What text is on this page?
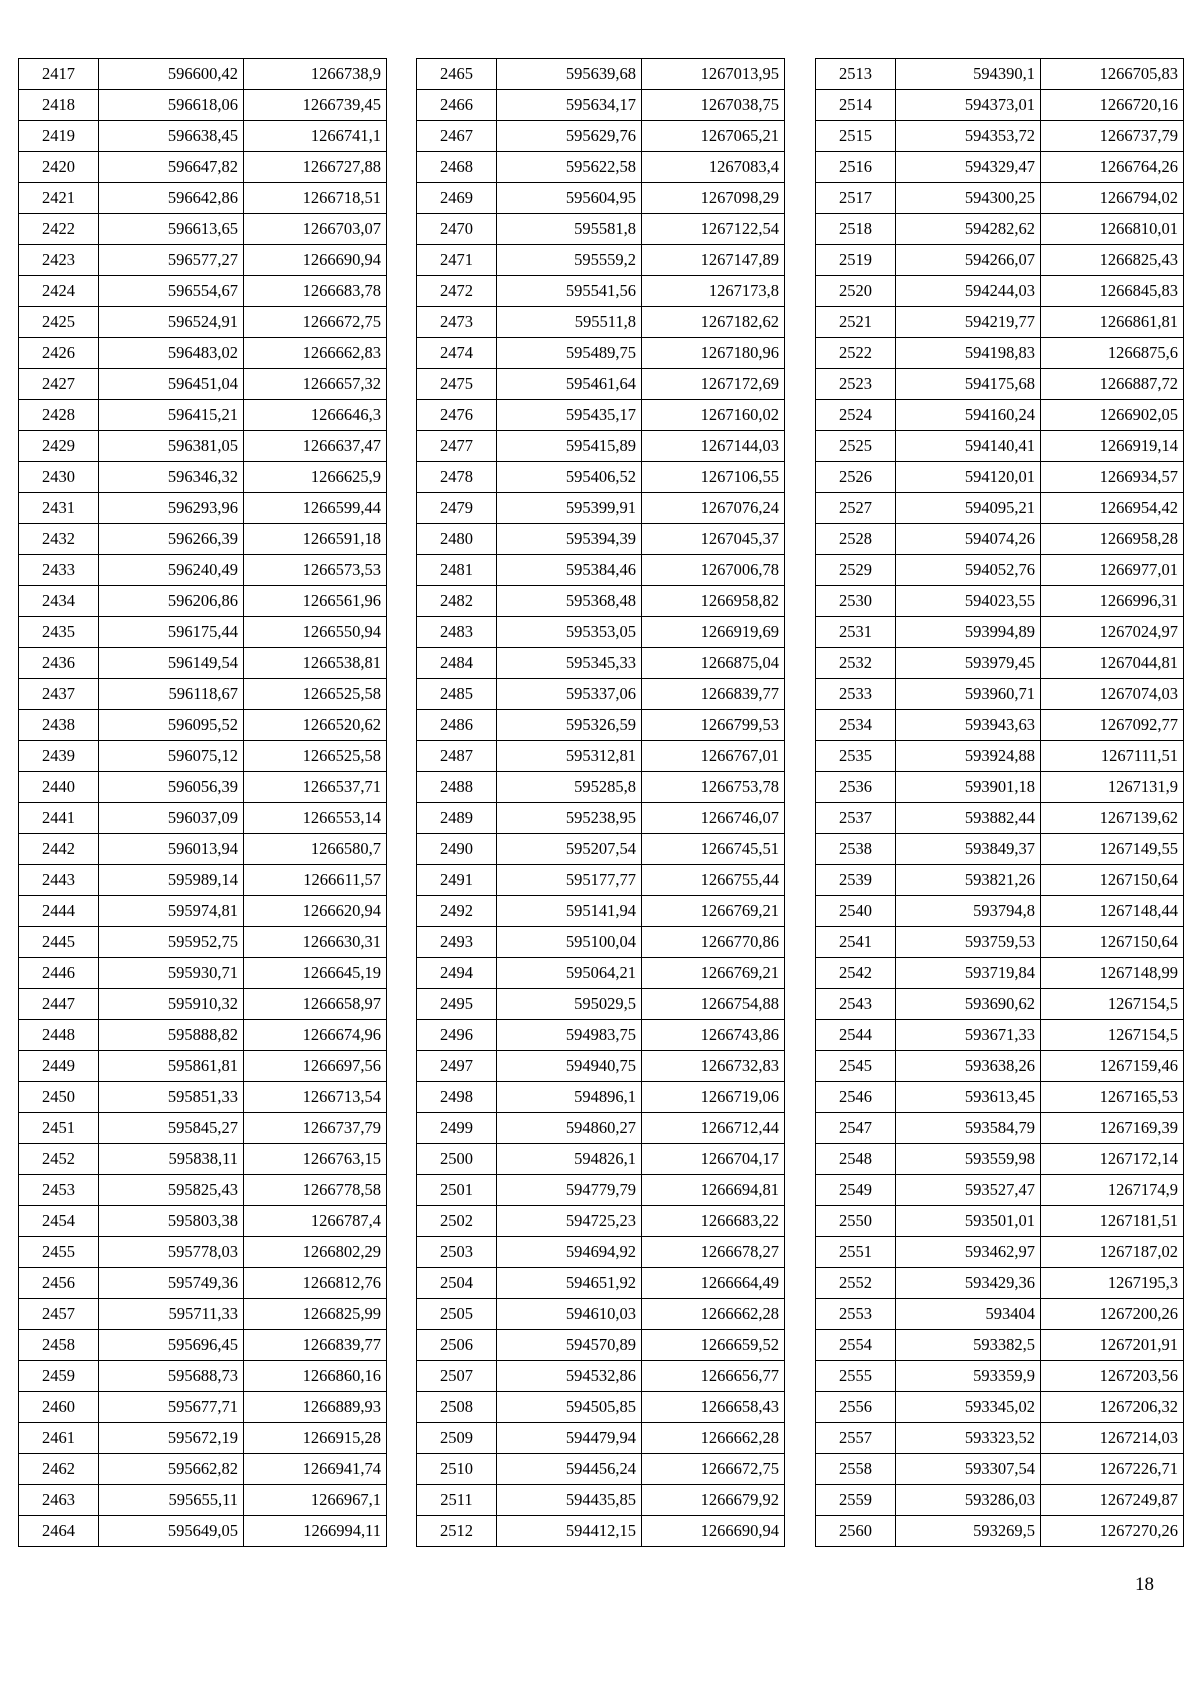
2417	596600,42	1266738,9
2418	596618,06	1266739,45
2419	596638,45	1266741,1
2420	596647,82	1266727,88
2421	596642,86	1266718,51
2422	596613,65	1266703,07
2423	596577,27	1266690,94
2424	596554,67	1266683,78
2425	596524,91	1266672,75
2426	596483,02	1266662,83
2427	596451,04	1266657,32
2428	596415,21	1266646,3
2429	596381,05	1266637,47
2430	596346,32	1266625,9
2431	596293,96	1266599,44
2432	596266,39	1266591,18
2433	596240,49	1266573,53
2434	596206,86	1266561,96
2435	596175,44	1266550,94
2436	596149,54	1266538,81
2437	596118,67	1266525,58
2438	596095,52	1266520,62
2439	596075,12	1266525,58
2440	596056,39	1266537,71
2441	596037,09	1266553,14
2442	596013,94	1266580,7
2443	595989,14	1266611,57
2444	595974,81	1266620,94
2445	595952,75	1266630,31
2446	595930,71	1266645,19
2447	595910,32	1266658,97
2448	595888,82	1266674,96
2449	595861,81	1266697,56
2450	595851,33	1266713,54
2451	595845,27	1266737,79
2452	595838,11	1266763,15
2453	595825,43	1266778,58
2454	595803,38	1266787,4
2455	595778,03	1266802,29
2456	595749,36	1266812,76
2457	595711,33	1266825,99
2458	595696,45	1266839,77
2459	595688,73	1266860,16
2460	595677,71	1266889,93
2461	595672,19	1266915,28
2462	595662,82	1266941,74
2463	595655,11	1266967,1
2464	595649,05	1266994,11
2465	595639,68	1267013,95
2466	595634,17	1267038,75
2467	595629,76	1267065,21
2468	595622,58	1267083,4
2469	595604,95	1267098,29
2470	595581,8	1267122,54
2471	595559,2	1267147,89
2472	595541,56	1267173,8
2473	595511,8	1267182,62
2474	595489,75	1267180,96
2475	595461,64	1267172,69
2476	595435,17	1267160,02
2477	595415,89	1267144,03
2478	595406,52	1267106,55
2479	595399,91	1267076,24
2480	595394,39	1267045,37
2481	595384,46	1267006,78
2482	595368,48	1266958,82
2483	595353,05	1266919,69
2484	595345,33	1266875,04
2485	595337,06	1266839,77
2486	595326,59	1266799,53
2487	595312,81	1266767,01
2488	595285,8	1266753,78
2489	595238,95	1266746,07
2490	595207,54	1266745,51
2491	595177,77	1266755,44
2492	595141,94	1266769,21
2493	595100,04	1266770,86
2494	595064,21	1266769,21
2495	595029,5	1266754,88
2496	594983,75	1266743,86
2497	594940,75	1266732,83
2498	594896,1	1266719,06
2499	594860,27	1266712,44
2500	594826,1	1266704,17
2501	594779,79	1266694,81
2502	594725,23	1266683,22
2503	594694,92	1266678,27
2504	594651,92	1266664,49
2505	594610,03	1266662,28
2506	594570,89	1266659,52
2507	594532,86	1266656,77
2508	594505,85	1266658,43
2509	594479,94	1266662,28
2510	594456,24	1266672,75
2511	594435,85	1266679,92
2512	594412,15	1266690,94
2513	594390,1	1266705,83
2514	594373,01	1266720,16
2515	594353,72	1266737,79
2516	594329,47	1266764,26
2517	594300,25	1266794,02
2518	594282,62	1266810,01
2519	594266,07	1266825,43
2520	594244,03	1266845,83
2521	594219,77	1266861,81
2522	594198,83	1266875,6
2523	594175,68	1266887,72
2524	594160,24	1266902,05
2525	594140,41	1266919,14
2526	594120,01	1266934,57
2527	594095,21	1266954,42
2528	594074,26	1266958,28
2529	594052,76	1266977,01
2530	594023,55	1266996,31
2531	593994,89	1267024,97
2532	593979,45	1267044,81
2533	593960,71	1267074,03
2534	593943,63	1267092,77
2535	593924,88	1267111,51
2536	593901,18	1267131,9
2537	593882,44	1267139,62
2538	593849,37	1267149,55
2539	593821,26	1267150,64
2540	593794,8	1267148,44
2541	593759,53	1267150,64
2542	593719,84	1267148,99
2543	593690,62	1267154,5
2544	593671,33	1267154,5
2545	593638,26	1267159,46
2546	593613,45	1267165,53
2547	593584,79	1267169,39
2548	593559,98	1267172,14
2549	593527,47	1267174,9
2550	593501,01	1267181,51
2551	593462,97	1267187,02
2552	593429,36	1267195,3
2553	593404	1267200,26
2554	593382,5	1267201,91
2555	593359,9	1267203,56
2556	593345,02	1267206,32
2557	593323,52	1267214,03
2558	593307,54	1267226,71
2559	593286,03	1267249,87
2560	593269,5	1267270,26
18
